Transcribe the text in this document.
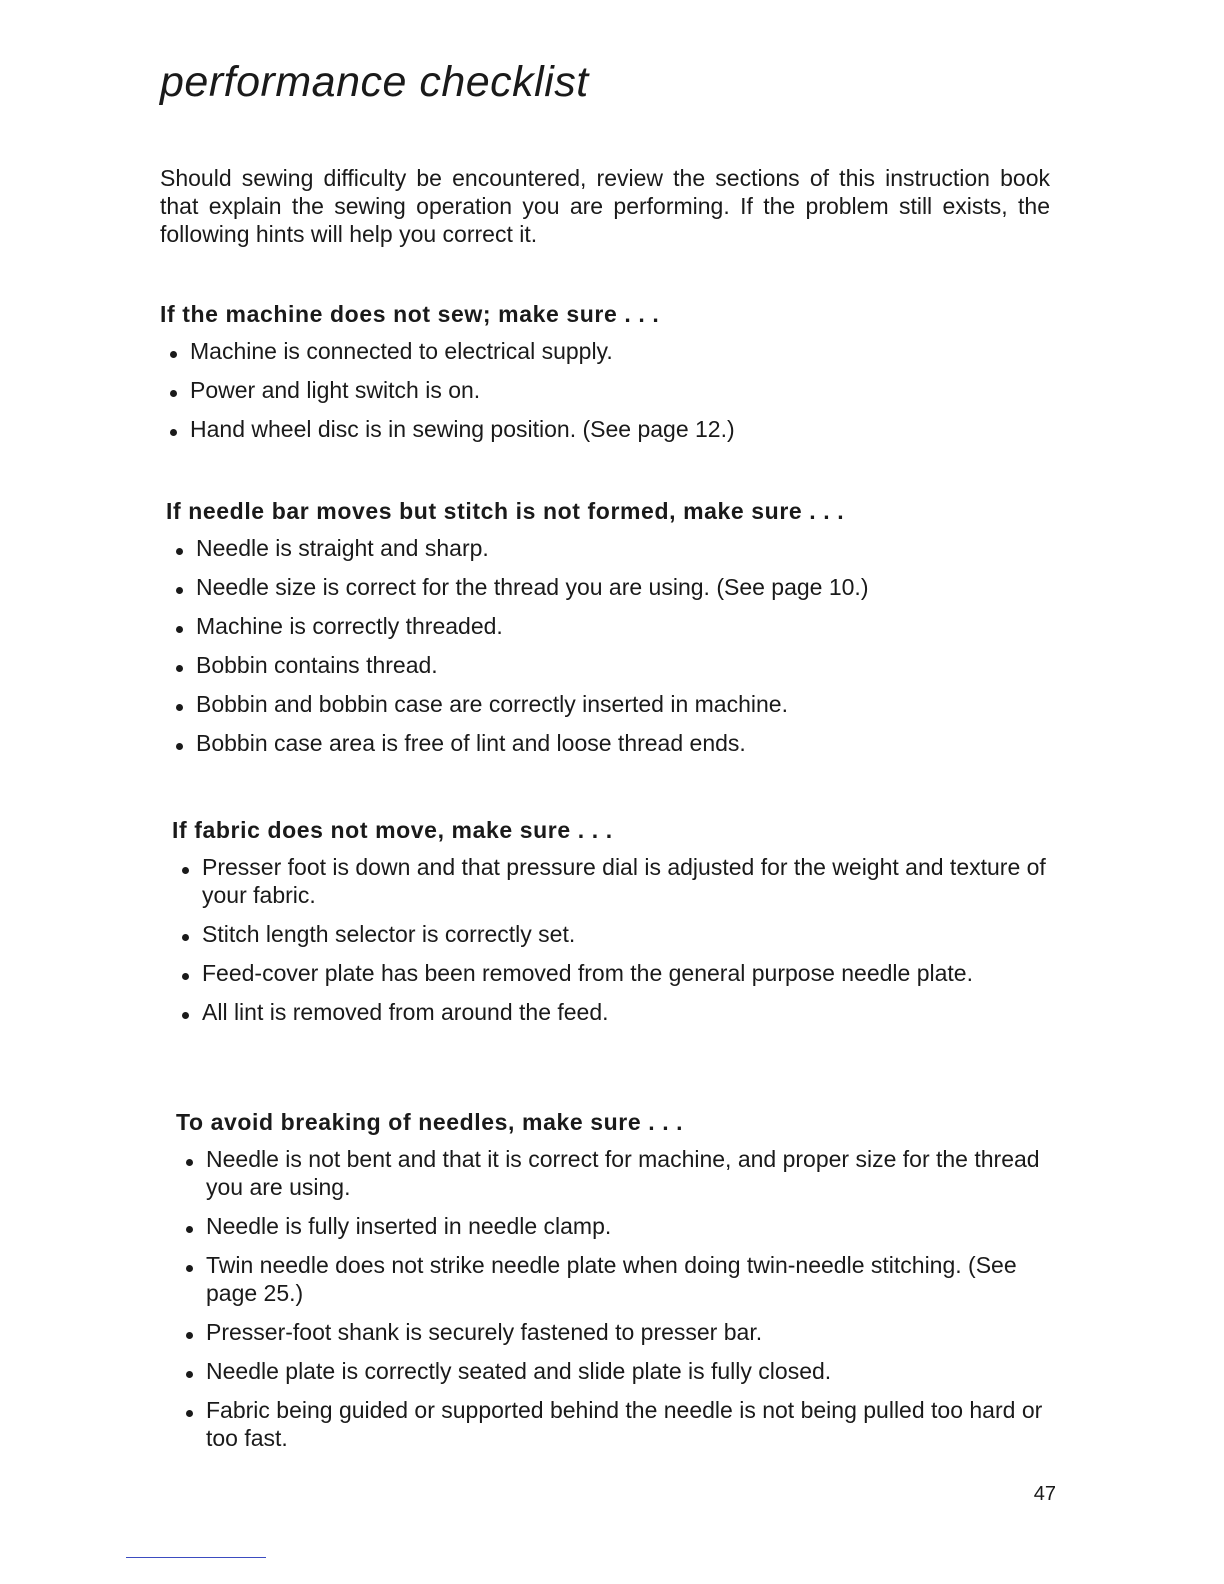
performance checklist

Should sewing difficulty be encountered, review the sections of this instruction book that explain the sewing operation you are performing. If the problem still exists, the following hints will help you correct it.

If the machine does not sew; make sure . . .
Machine is connected to electrical supply.
Power and light switch is on.
Hand wheel disc is in sewing position. (See page 12.)
If needle bar moves but stitch is not formed, make sure . . .
Needle is straight and sharp.
Needle size is correct for the thread you are using. (See page 10.)
Machine is correctly threaded.
Bobbin contains thread.
Bobbin and bobbin case are correctly inserted in machine.
Bobbin case area is free of lint and loose thread ends.
If fabric does not move, make sure . . .
Presser foot is down and that pressure dial is adjusted for the weight and texture of your fabric.
Stitch length selector is correctly set.
Feed-cover plate has been removed from the general purpose needle plate.
All lint is removed from around the feed.
To avoid breaking of needles, make sure . . .
Needle is not bent and that it is correct for machine, and proper size for the thread you are using.
Needle is fully inserted in needle clamp.
Twin needle does not strike needle plate when doing twin-needle stitching. (See page 25.)
Presser-foot shank is securely fastened to presser bar.
Needle plate is correctly seated and slide plate is fully closed.
Fabric being guided or supported behind the needle is not being pulled too hard or too fast.

47
